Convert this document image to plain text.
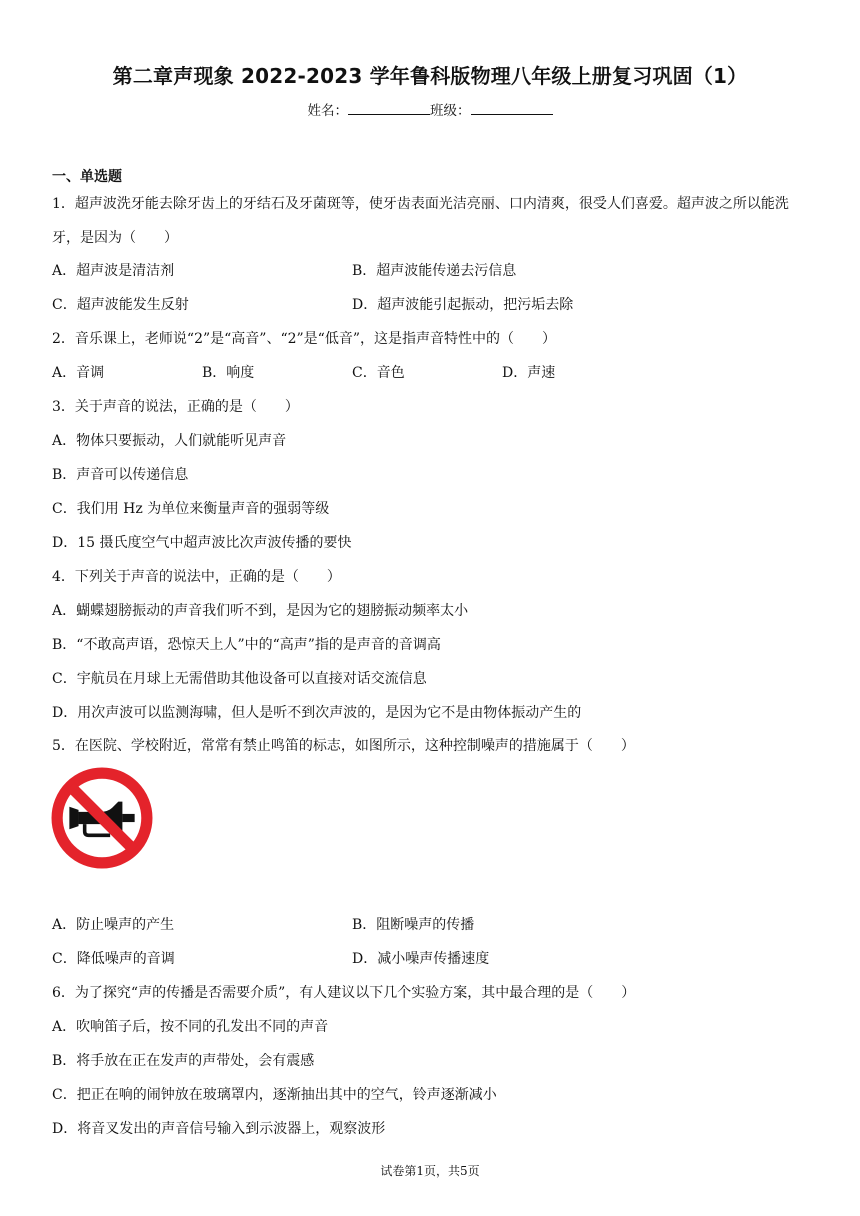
第二章声现象 2022-2023 学年鲁科版物理八年级上册复习巩固（1）
姓名：	班级：
一、单选题
1．超声波洗牙能去除牙齿上的牙结石及牙菌斑等，使牙齿表面光洁亮丽、口内清爽，很受人们喜爱。超声波之所以能洗牙，是因为（　　）
A．超声波是清洁剂	B．超声波能传递去污信息
C．超声波能发生反射	D．超声波能引起振动，把污垢去除
2．音乐课上，老师说“2”是“高音”、“2”是“低音”，这是指声音特性中的（　　）
A．音调	B．响度	C．音色	D．声速
3．关于声音的说法，正确的是（　　）
A．物体只要振动，人们就能听见声音
B．声音可以传递信息
C．我们用 Hz 为单位来衡量声音的强弱等级
D．15 摄氏度空气中超声波比次声波传播的要快
4．下列关于声音的说法中，正确的是（　　）
A．蝴蝶翅膀振动的声音我们听不到，是因为它的翅膀振动频率太小
B．“不敢高声语，恐惊天上人”中的“高声”指的是声音的音调高
C．宇航员在月球上无需借助其他设备可以直接对话交流信息
D．用次声波可以监测海啸，但人是听不到次声波的，是因为它不是由物体振动产生的
5．在医院、学校附近，常常有禁止鸣笛的标志，如图所示，这种控制噪声的措施属于（　　）
A．防止噪声的产生	B．阻断噪声的传播
C．降低噪声的音调	D．减小噪声传播速度
6．为了探究“声的传播是否需要介质”，有人建议以下几个实验方案，其中最合理的是（　　）
A．吹响笛子后，按不同的孔发出不同的声音
B．将手放在正在发声的声带处，会有震感
C．把正在响的闹钟放在玻璃罩内，逐渐抽出其中的空气，铃声逐渐减小
D．将音叉发出的声音信号输入到示波器上，观察波形
试卷第1页，共5页
